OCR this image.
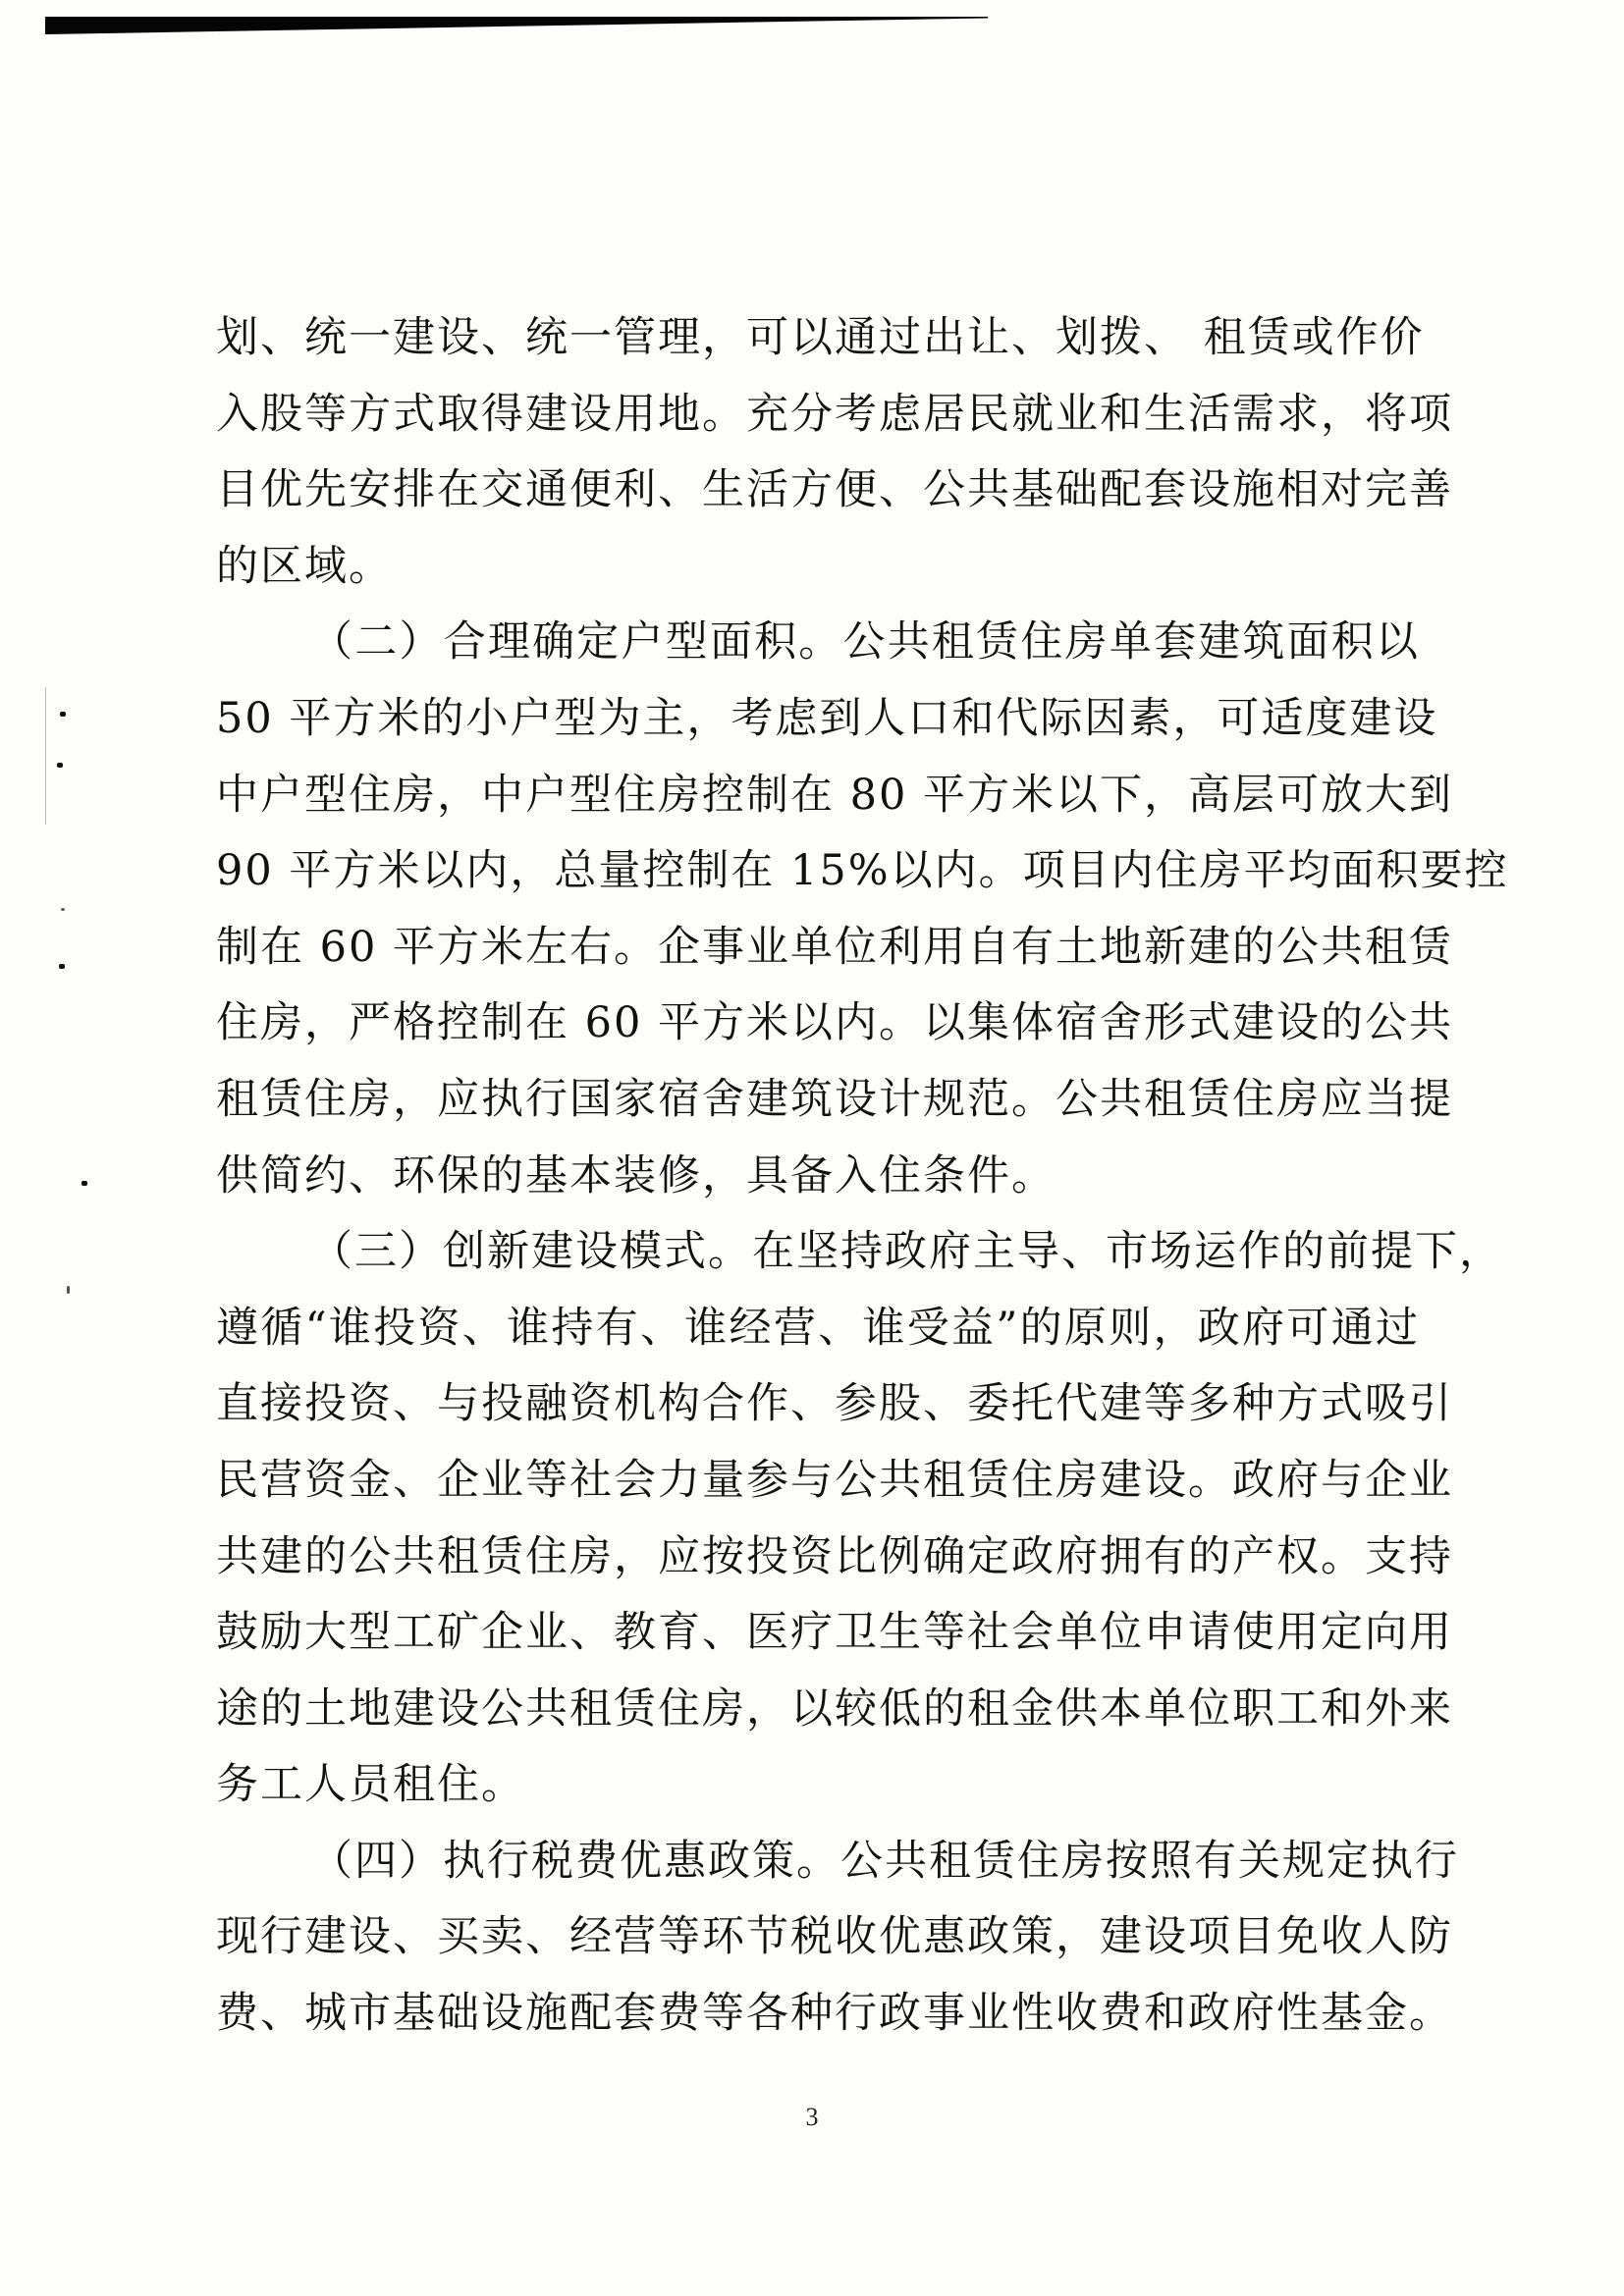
划、统一建设、统一管理，可以通过出让、划拨、 租赁或作价
入股等方式取得建设用地。充分考虑居民就业和生活需求，将项
目优先安排在交通便利、生活方便、公共基础配套设施相对完善
的区域。
（二）合理确定户型面积。公共租赁住房单套建筑面积以
50 平方米的小户型为主，考虑到人口和代际因素，可适度建设
中户型住房，中户型住房控制在 80 平方米以下，高层可放大到
90 平方米以内，总量控制在 15%以内。项目内住房平均面积要控
制在 60 平方米左右。企事业单位利用自有土地新建的公共租赁
住房，严格控制在 60 平方米以内。以集体宿舍形式建设的公共
租赁住房，应执行国家宿舍建筑设计规范。公共租赁住房应当提
供简约、环保的基本装修，具备入住条件。
（三）创新建设模式。在坚持政府主导、市场运作的前提下，
遵循“谁投资、谁持有、谁经营、谁受益”的原则，政府可通过
直接投资、与投融资机构合作、参股、委托代建等多种方式吸引
民营资金、企业等社会力量参与公共租赁住房建设。政府与企业
共建的公共租赁住房，应按投资比例确定政府拥有的产权。支持
鼓励大型工矿企业、教育、医疗卫生等社会单位申请使用定向用
途的土地建设公共租赁住房，以较低的租金供本单位职工和外来
务工人员租住。
（四）执行税费优惠政策。公共租赁住房按照有关规定执行
现行建设、买卖、经营等环节税收优惠政策，建设项目免收人防
费、城市基础设施配套费等各种行政事业性收费和政府性基金。
3
